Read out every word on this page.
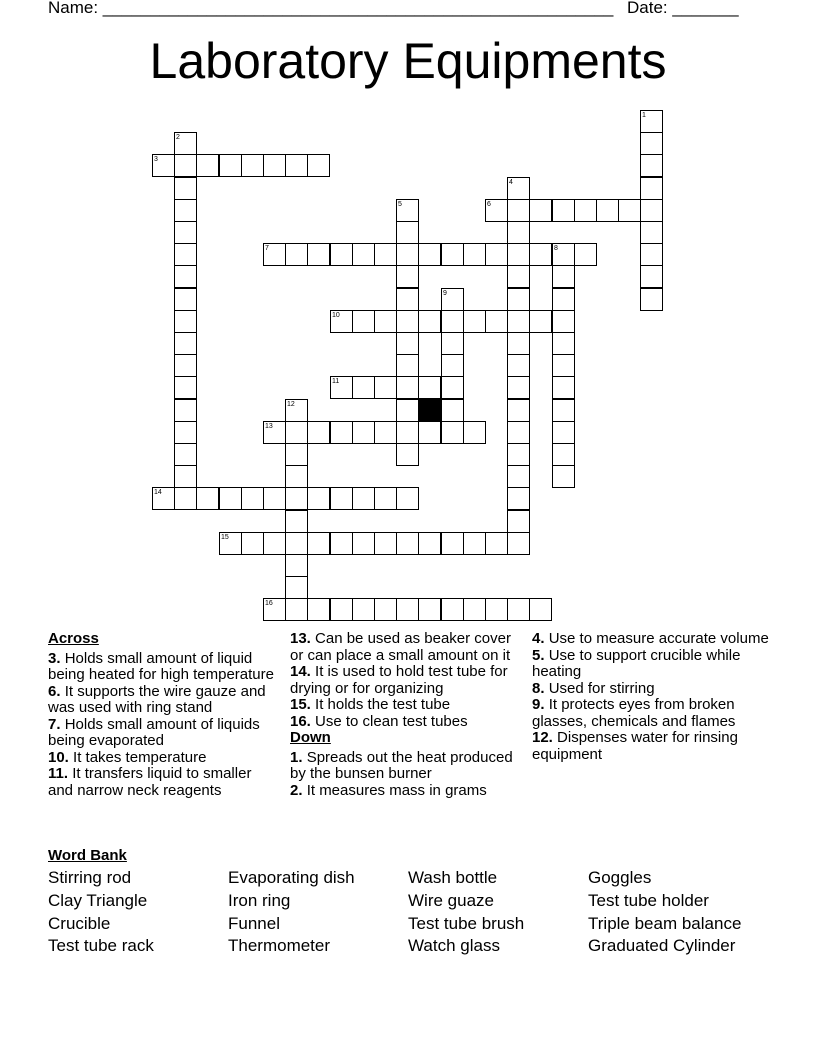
Name: ______________________________________________________ Date: _______
Laboratory Equipments
1
2
3
4
5	6
7	8
9
10
11
12
13
14
15
16
Across
3. Holds small amount of liquid being heated for high temperature
6. It supports the wire gauze and was used with ring stand
7. Holds small amount of liquids being evaporated
10. It takes temperature
11. It transfers liquid to smaller and narrow neck reagents
13. Can be used as beaker cover or can place a small amount on it
14. It is used to hold test tube for drying or for organizing
15. It holds the test tube
16. Use to clean test tubes
Down
1. Spreads out the heat produced by the bunsen burner
2. It measures mass in grams
4. Use to measure accurate volume
5. Use to support crucible while heating
8. Used for stirring
9. It protects eyes from broken glasses, chemicals and flames
12. Dispenses water for rinsing equipment
Word Bank
Stirring rod	Evaporating dish	Wash bottle	Goggles
Clay Triangle	Iron ring	Wire guaze	Test tube holder
Crucible	Funnel	Test tube brush	Triple beam balance
Test tube rack	Thermometer	Watch glass	Graduated Cylinder
